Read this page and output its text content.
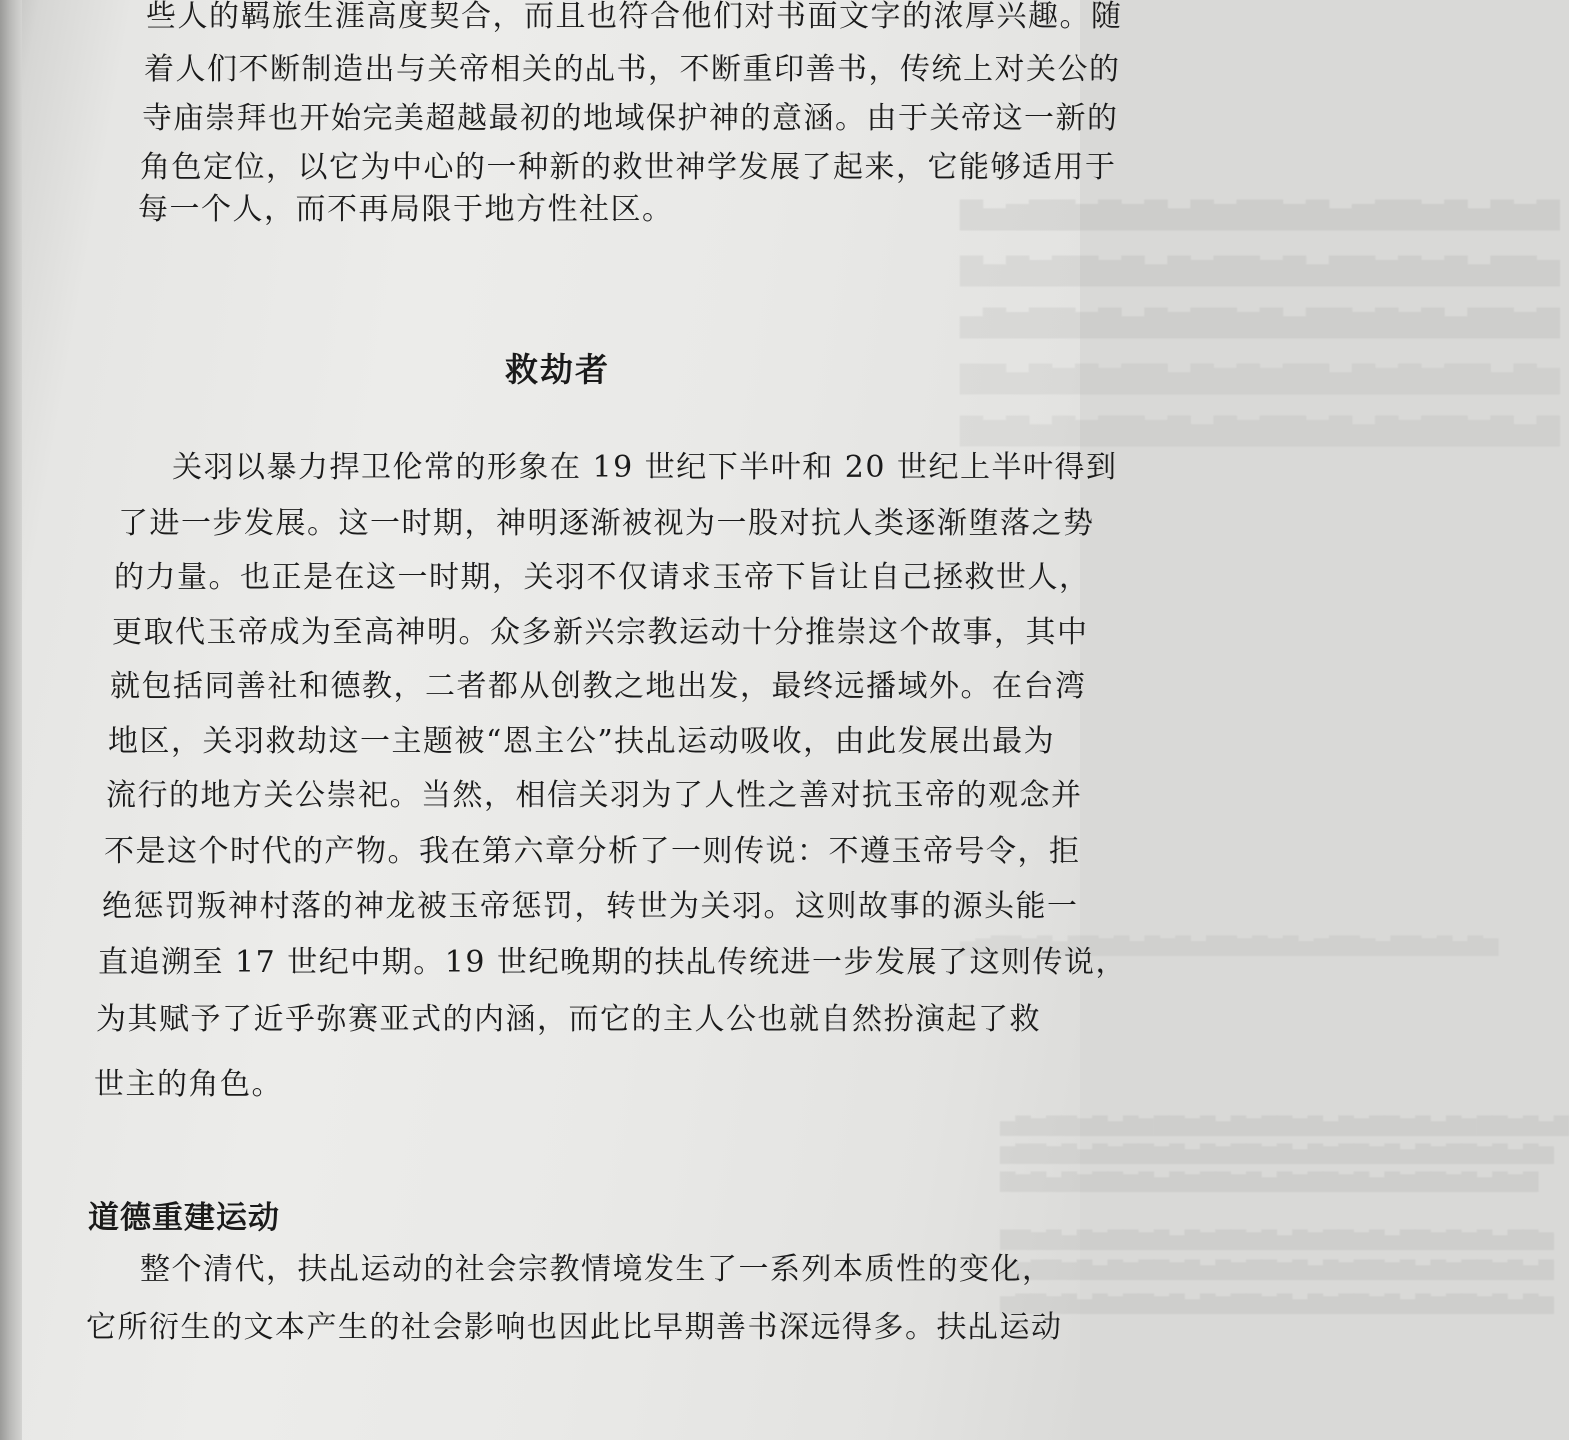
▇▆▇▅▇▆▇▇▆▅▇▆▇▇▆▇▅▇▆▇▆▇▇▆▅▇
▆▇▇▅▇▆▇▆▇▇▅▇▆▇▇▆▇▅▇▆▇▇▆▇▅▇
▇▆▇▇▅▇▆▇▆▇▇▅▇▆▇▇▆▇▅▇▆▇▇▆▇▅
▆▇▅▇▇▆▇▆▇▅▇▇▆▇▆▇▅▇▇▆▇▆▇▅▇▇
▇▅▇▆▇▇▆▇▅▇▆▇▇▆▇▅▇▆▇▇▆▇▅▇▆▇
▆▇▅▇▆▇▇▅▆▇▇▆▅▇▆▇▆▇▇▅▇▆▇▅▇▆▇▇▅▇▆▇▇▆▅
▇▅▇▆▇▇▆▇▅▇▆▇▇▆▇▅▇▆▇▇▆▇▅▇▆▇▇▆▇▅▇▆▇▇▆▇▅
▆▇▅▇▆▇▇▆▇▅▇▆▇▇▆▇▅▇▆▇▇▆▇▅▇▆▇▇▆▇▅▇▆▇▇▆
▇▆▇▅▇▆▇▇▆▇▅▇▆▇▇▆▇▅▇▆▇▇▆▇▅▇▆▇▇▆▇▅▇▆▇
▆▇▇▅▇▆▇▆▇▇▅▇▆▇▇▆▇▅▇▆▇▇▆▇▅▇▆▇▇▆▇▅▇▆▇▇
▇▅▇▆▇▇▆▇▅▇▆▇▇▆▇▅▇▆▇▇▆▇▅▇▆▇▇▆▇▅▇▆▇▇▆▇
▆▇▅▇▆▇▇▆▇▅▇▆▇▇▆▇▅▇▆▇▇▆▇▅▇▆▇▇▆▇▅▇▆▇▇▆
些人的羁旅生涯高度契合，而且也符合他们对书面文字的浓厚兴趣。随
着人们不断制造出与关帝相关的乩书，不断重印善书，传统上对关公的
寺庙崇拜也开始完美超越最初的地域保护神的意涵。由于关帝这一新的
角色定位，以它为中心的一种新的救世神学发展了起来，它能够适用于
每一个人，而不再局限于地方性社区。
救劫者
关羽以暴力捍卫伦常的形象在 19 世纪下半叶和 20 世纪上半叶得到
了进一步发展。这一时期，神明逐渐被视为一股对抗人类逐渐堕落之势
的力量。也正是在这一时期，关羽不仅请求玉帝下旨让自己拯救世人，
更取代玉帝成为至高神明。众多新兴宗教运动十分推崇这个故事，其中
就包括同善社和德教，二者都从创教之地出发，最终远播域外。在台湾
地区，关羽救劫这一主题被“恩主公”扶乩运动吸收，由此发展出最为
流行的地方关公崇祀。当然，相信关羽为了人性之善对抗玉帝的观念并
不是这个时代的产物。我在第六章分析了一则传说：不遵玉帝号令，拒
绝惩罚叛神村落的神龙被玉帝惩罚，转世为关羽。这则故事的源头能一
直追溯至 17 世纪中期。19 世纪晚期的扶乩传统进一步发展了这则传说，
为其赋予了近乎弥赛亚式的内涵，而它的主人公也就自然扮演起了救
世主的角色。
道德重建运动
整个清代，扶乩运动的社会宗教情境发生了一系列本质性的变化，
它所衍生的文本产生的社会影响也因此比早期善书深远得多。扶乩运动
